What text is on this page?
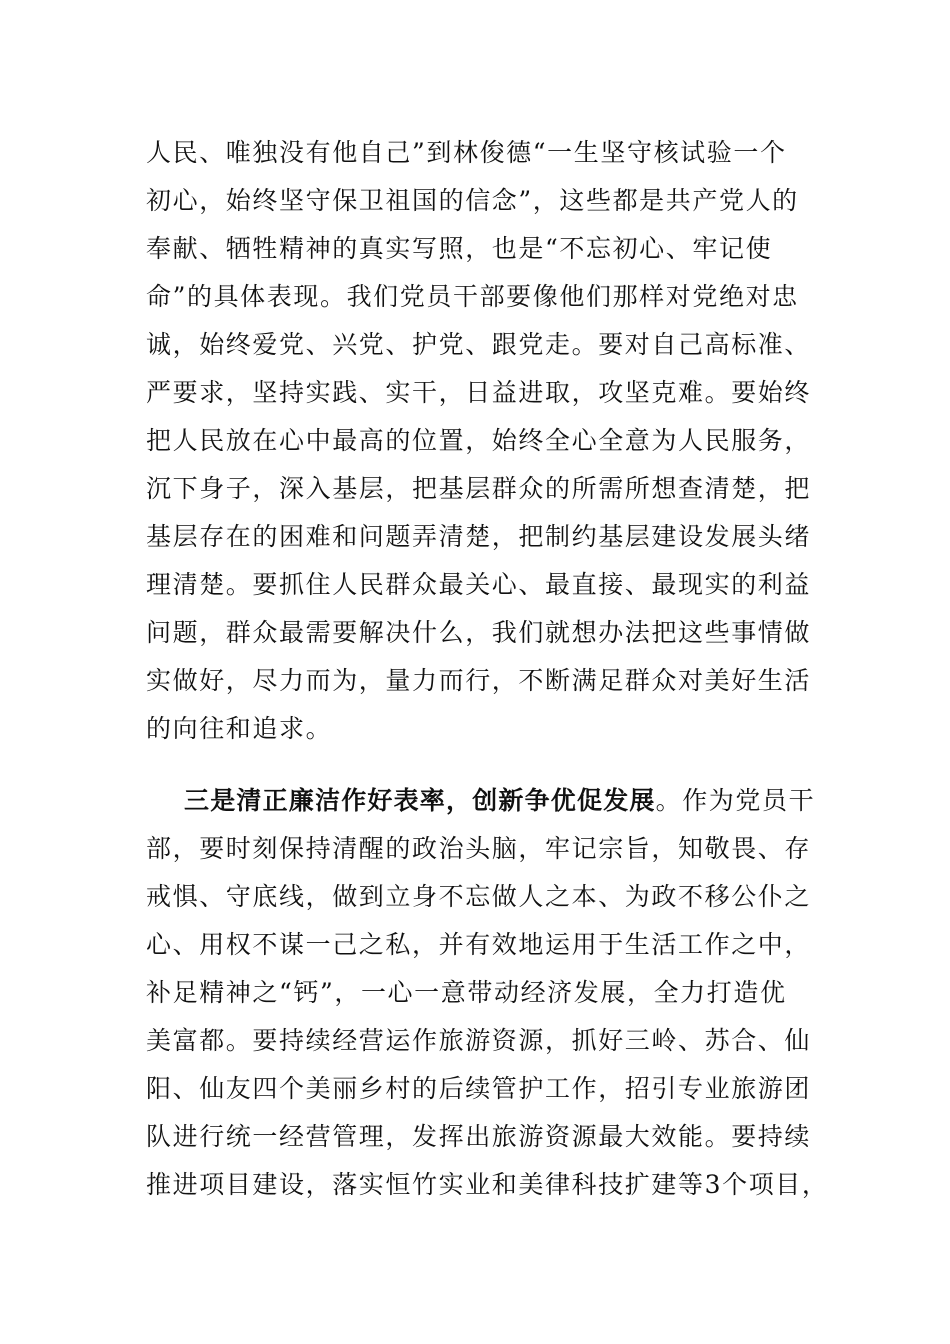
人民、唯独没有他自己”到林俊德“一生坚守核试验一个
初心，始终坚守保卫祖国的信念”，这些都是共产党人的
奉献、牺牲精神的真实写照，也是“不忘初心、牢记使
命”的具体表现。我们党员干部要像他们那样对党绝对忠
诚，始终爱党、兴党、护党、跟党走。要对自己高标准、
严要求，坚持实践、实干，日益进取，攻坚克难。要始终
把人民放在心中最高的位置，始终全心全意为人民服务，
沉下身子，深入基层，把基层群众的所需所想查清楚，把
基层存在的困难和问题弄清楚，把制约基层建设发展头绪
理清楚。要抓住人民群众最关心、最直接、最现实的利益
问题，群众最需要解决什么，我们就想办法把这些事情做
实做好，尽力而为，量力而行，不断满足群众对美好生活
的向往和追求。
三是清正廉洁作好表率，创新争优促发展。作为党员干
部，要时刻保持清醒的政治头脑，牢记宗旨，知敬畏、存
戒惧、守底线，做到立身不忘做人之本、为政不移公仆之
心、用权不谋一己之私，并有效地运用于生活工作之中，
补足精神之“钙”，一心一意带动经济发展，全力打造优
美富都。要持续经营运作旅游资源，抓好三岭、苏合、仙
阳、仙友四个美丽乡村的后续管护工作，招引专业旅游团
队进行统一经营管理，发挥出旅游资源最大效能。要持续
推进项目建设，落实恒竹实业和美律科技扩建等3个项目，
